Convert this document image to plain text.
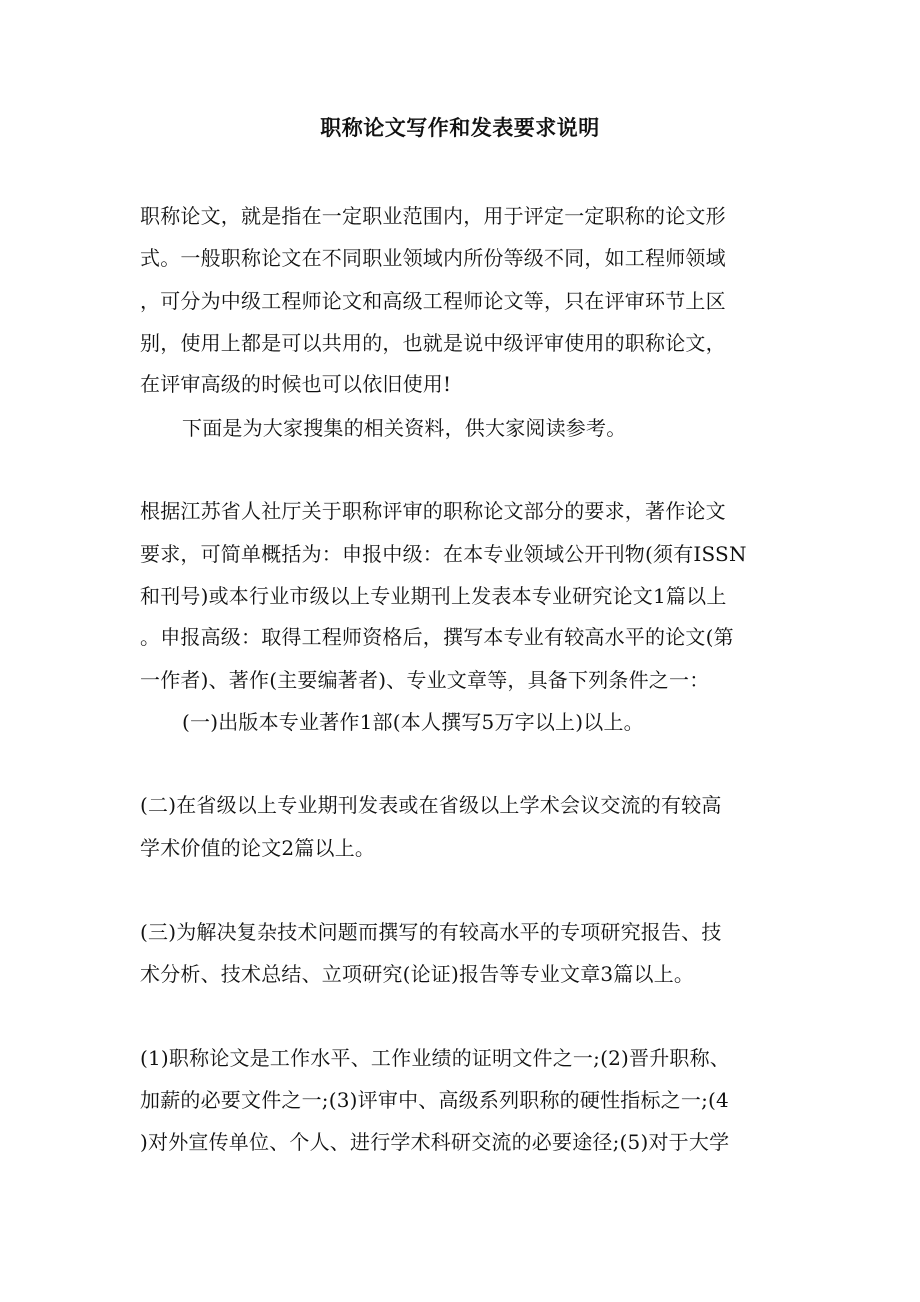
职称论文写作和发表要求说明
职称论文，就是指在一定职业范围内，用于评定一定职称的论文形
式。一般职称论文在不同职业领域内所份等级不同，如工程师领域
，可分为中级工程师论文和高级工程师论文等，只在评审环节上区
别，使用上都是可以共用的，也就是说中级评审使用的职称论文，
在评审高级的时候也可以依旧使用!
下面是为大家搜集的相关资料，供大家阅读参考。
根据江苏省人社厅关于职称评审的职称论文部分的要求，著作论文
要求，可简单概括为：申报中级：在本专业领域公开刊物(须有ISSN
和刊号)或本行业市级以上专业期刊上发表本专业研究论文1篇以上
。申报高级：取得工程师资格后，撰写本专业有较高水平的论文(第
一作者)、著作(主要编著者)、专业文章等，具备下列条件之一：
(一)出版本专业著作1部(本人撰写5万字以上)以上。
(二)在省级以上专业期刊发表或在省级以上学术会议交流的有较高
学术价值的论文2篇以上。
(三)为解决复杂技术问题而撰写的有较高水平的专项研究报告、技
术分析、技术总结、立项研究(论证)报告等专业文章3篇以上。
(1)职称论文是工作水平、工作业绩的证明文件之一;(2)晋升职称、
加薪的必要文件之一;(3)评审中、高级系列职称的硬性指标之一;(4
)对外宣传单位、个人、进行学术科研交流的必要途径;(5)对于大学
